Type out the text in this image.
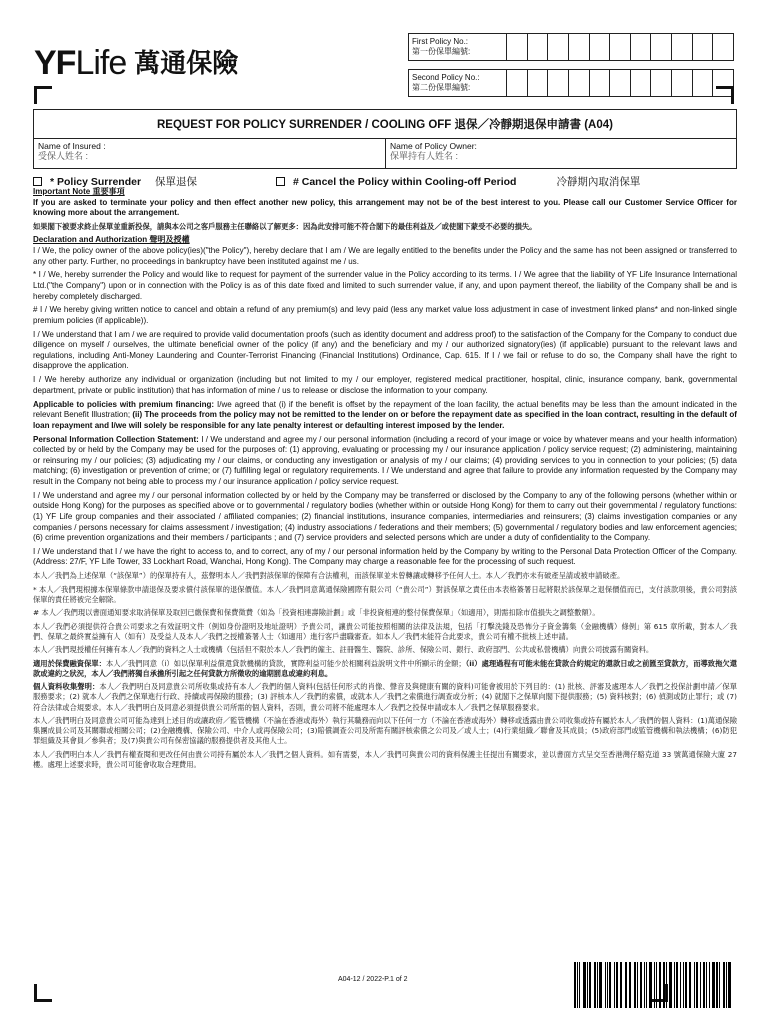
YF Life 萬通保險
First Policy No.:
第一份保單編號:
Second Policy No.:
第二份保單編號:
REQUEST FOR POLICY SURRENDER / COOLING OFF 退保／冷靜期退保申請書 (A04)
Name of Insured :
受保人姓名 :
Name of Policy Owner:
保單持有人姓名 :
* Policy Surrender 保單退保	# Cancel the Policy within Cooling-off Period	冷靜期內取消保單

Important Note 重要事項

If you are asked to terminate your policy and then effect another new policy, this arrangement may not be of the best interest to you. Please call our Customer Service Officer for knowing more about the arrangement.

如果閣下被要求終止保單並重新投保，請與本公司之客戶服務主任聯絡以了解更多：因為此安排可能不符合閣下的最佳利益及／或使閣下蒙受不必要的損失。

Declaration and Authorization 聲明及授權

I / We, the policy owner of the above policy(ies)("the Policy"), hereby declare that I am / We are legally entitled to the benefits under the Policy and the same has not been assigned or transferred to any other party. Further, no proceedings in bankruptcy have been instituted against me / us.

* I / We, hereby surrender the Policy and would like to request for payment of the surrender value in the Policy according to its terms. I / We agree that the liability of YF Life Insurance International Ltd.("the Company") upon or in connection with the Policy is as of this date fixed and limited to such surrender value, if any, and upon payment thereof, the liability of the Company shall be and is hereby completely discharged.

# I / We hereby giving written notice to cancel and obtain a refund of any premium(s) and levy paid (less any market value loss adjustment in case of investment linked plans* and non-linked single premium policies (if applicable)).

I / We understand that I am / we are required to provide valid documentation proofs (such as identity document and address proof) to the satisfaction of the Company for the Company to conduct due diligence on myself / ourselves, the ultimate beneficial owner of the policy (if any) and the beneficiary and my / our authorized signatory(ies) (if applicable) pursuant to the relevant laws and regulations, including Anti-Money Laundering and Counter-Terrorist Financing (Financial Institutions) Ordinance, Cap. 615. If I / we fail or refuse to do so, the Company shall have the right to disapprove the application.

I / We hereby authorize any individual or organization (including but not limited to my / our employer, registered medical practitioner, hospital, clinic, insurance company, bank, governmental department, private or public institution) that has information of mine / us to release or disclose the information to your company.

Applicable to policies with premium financing: I/we agreed that (i) if the benefit is offset by the repayment of the loan facility, the actual benefits may be less than the amount indicated in the relevant Benefit Illustration; (ii) The proceeds from the policy may not be remitted to the lender on or before the repayment date as specified in the loan contract, resulting in the default of loan repayment and I/we will solely be responsible for any late penalty interest or defaulting interest imposed by the lender.

Personal Information Collection Statement: I / We understand and agree my / our personal information (including a record of your image or voice by whatever means and your health information) collected by or held by the Company may be used for the purposes of: (1) approving, evaluating or processing my / our insurance application / policy service request; (2) administering, maintaining or reinsuring my / our policies; (3) adjudicating my / our claims, or conducting any investigation or analysis of my / our claims; (4) providing services to you in connection to your policies; (5) data matching; (6) investigation or prevention of crime; or (7) fulfilling legal or regulatory requirements. I / We understand and agree that failure to provide any information requested by the Company may result in the Company not being able to process my / our insurance application / policy service request.

I / We understand and agree my / our personal information collected by or held by the Company may be transferred or disclosed by the Company to any of the following persons (whether within or outside Hong Kong) for the purposes as specified above or to governmental / regulatory bodies (whether within or outside Hong Kong) for them to carry out their governmental / regulatory functions: (1) YF Life group companies and their associated / affiliated companies; (2) financial institutions, insurance companies, intermediaries and reinsurers; (3) claims investigation companies or any companies / persons necessary for claims assessment / investigation; (4) industry associations / federations and their members; (5) governmental / regulatory bodies and law enforcement agencies; (6) crime prevention organizations and their members / participants ; and (7) service providers and selected persons which are under a duty of confidentiality to the Company.

I / We understand that I / we have the right to access to, and to correct, any of my / our personal information held by the Company by writing to the Personal Data Protection Officer of the Company. (Address: 27/F, YF Life Tower, 33 Lockhart Road, Wanchai, Hong Kong). The Company may charge a reasonable fee for the processing of such request.

本人／我們為上述保單（“該保單”）的保單持有人，茲聲明本人／我們對該保單的保障有合法權利，而該保單並未曾轉讓或轉移予任何人士。本人／我們亦未有破產呈請或被申請破產。

* 本人／我們現根據本保單條款申請退保及要求償付該保單的退保價值。本人／我們同意萬通保險國際有限公司（“貴公司”）對該保單之責任由本表格簽署日起將限於該保單之退保價值而已，支付該款項後，貴公司對該保單的責任將被完全解除。

# 本人／我們現以書面通知要求取消保單及取回已繳保費和保費徵費（如為「投資相連壽險計劃」或「非投資相連的整付保費保單」（如適用），則需扣除市值損失之調整數額）。

本人／我們必須提供符合貴公司要求之有效証明文件（例如身份證明及地址證明）予貴公司，讓貴公司能按照相關的法律及法規，包括「打擊洗錢及恐怖分子資金籌集（金融機構）條例」第 615 章所載，對本人／我們、保單之最終實益擁有人（如有）及受益人及本人／我們之授權簽署人士（如適用）進行客戶盡職審查。如本人／我們未能符合此要求，貴公司有權不批核上述申請。

本人／我們現授權任何擁有本人／我們的資料之人士或機構（包括但不限於本人／我們的僱主、註冊醫生、醫院、診所、保險公司、銀行、政府部門、公共或私營機構）向貴公司披露有關資料。

適用於保費融資保單：本人／我們同意（i）如以保單利益償還貸款機構的貸款，實際利益可能少於相關利益說明文件中所顯示的金額；（ii）處理過程有可能未能在貸款合約規定的還款日或之前匯至貸款方，而導致拖欠還款或違約之狀況，本人／我們將獨自承擔所引起之任何貸款方所徵收的逾期罰息或違約利息。

個人資料收集聲明：本人／我們明白及同意貴公司所收集或持有本人／我們的個人資料(包括任何形式的肖像、聲音及與健康有關的資料)可能會被用於下列目的：(1) 批核、評審及處理本人／我們之投保計劃申請／保單服務要求；(2) 就本人／我們之保單進行行政、持續或再保險的服務；(3) 評核本人／我們的索償，或就本人／我們之索償進行調查或分析；(4) 就閣下之保單向閣下提供服務；(5) 資料核對；(6) 偵測或防止罪行；或 (7) 符合法律或合規要求。本人／我們明白及同意必須提供貴公司所需的個人資料，否則，貴公司將不能處理本人／我們之投保申請或本人／我們之保單服務要求。

本人／我們明白及同意貴公司可能為達到上述目的或讓政府／監管機構（不論在香港或海外）執行其職務而向以下任何一方（不論在香港或海外）轉移或透露由貴公司收集或持有屬於本人／我們的個人資料：(1)萬通保險集團成員公司及其關聯或相關公司；(2)金融機構、保險公司、中介人或再保險公司；(3)賠償調查公司及所需有關評核索償之公司及／或人士；(4)行業組織／聯會及其成員；(5)政府部門或監管機構和執法機構；(6)防犯罪組織及其會員／參與者；及(7)與貴公司有保密協議的服務提供者及其他人士。

本人／我們明白本人／我們有權查閱和更改任何由貴公司持有屬於本人／我們之個人資料。如有需要，本人／我們可與貴公司的資料保護主任提出有關要求，並以書面方式呈交至香港灣仔駱克道 33 號萬通保險大廈 27 樓。處理上述要求時，貴公司可能會收取合理費用。

A04-12 / 2022-P.1 of 2
